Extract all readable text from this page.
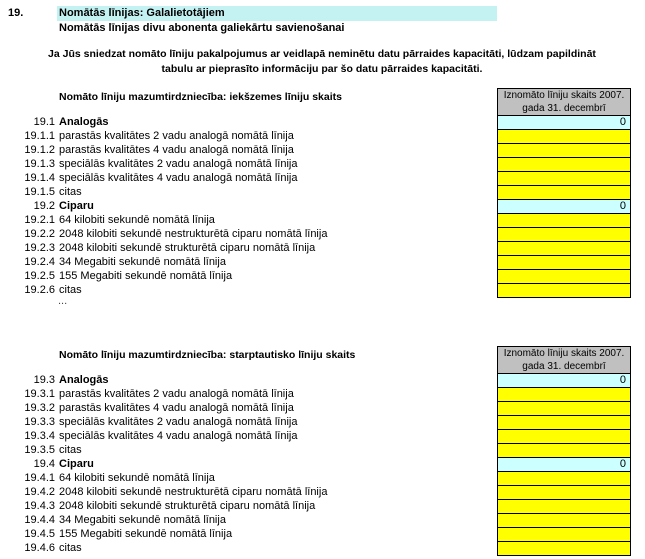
19.	Nomātās līnijas: Galalietotājiem
Nomātās līnijas divu abonenta galiekārtu savienošanai
Ja Jūs sniedzat nomāto līniju pakalpojumus ar veidlapā neminētu datu pārraides kapacitāti, lūdzam papildināt
tabulu ar pieprasīto informāciju par šo datu pārraides kapacitāti.
Nomāto līniju mazumtirdzniecība: iekšzemes līniju skaits
19.1 Analogās
19.1.1 parastās kvalitātes 2 vadu analogā nomātā līnija
19.1.2 parastās kvalitātes 4 vadu analogā nomātā līnija
19.1.3 speciālās kvalitātes 2 vadu analogā nomātā līnija
19.1.4 speciālās kvalitātes 4 vadu analogā nomātā līnija
19.1.5 citas
19.2 Ciparu
19.2.1 64 kilobiti sekundē nomātā līnija
19.2.2 2048 kilobiti sekundē nestrukturētā ciparu nomātā līnija
19.2.3 2048 kilobiti sekundē strukturētā ciparu nomātā līnija
19.2.4 34 Megabiti sekundē nomātā līnija
19.2.5 155 Megabiti sekundē nomātā līnija
19.2.6 citas
Iznomāto līniju skaits 2007.
gada 31. decembrī
0
0
...
Nomāto līniju mazumtirdzniecība: starptautisko līniju skaits
19.3 Analogās
19.3.1 parastās kvalitātes 2 vadu analogā nomātā līnija
19.3.2 parastās kvalitātes 4 vadu analogā nomātā līnija
19.3.3 speciālās kvalitātes 2 vadu analogā nomātā līnija
19.3.4 speciālās kvalitātes 4 vadu analogā nomātā līnija
19.3.5 citas
19.4 Ciparu
19.4.1 64 kilobiti sekundē nomātā līnija
19.4.2 2048 kilobiti sekundē nestrukturētā ciparu nomātā līnija
19.4.3 2048 kilobiti sekundē strukturētā ciparu nomātā līnija
19.4.4 34 Megabiti sekundē nomātā līnija
19.4.5 155 Megabiti sekundē nomātā līnija
19.4.6 citas
Iznomāto līniju skaits 2007.
gada 31. decembrī
0
0
